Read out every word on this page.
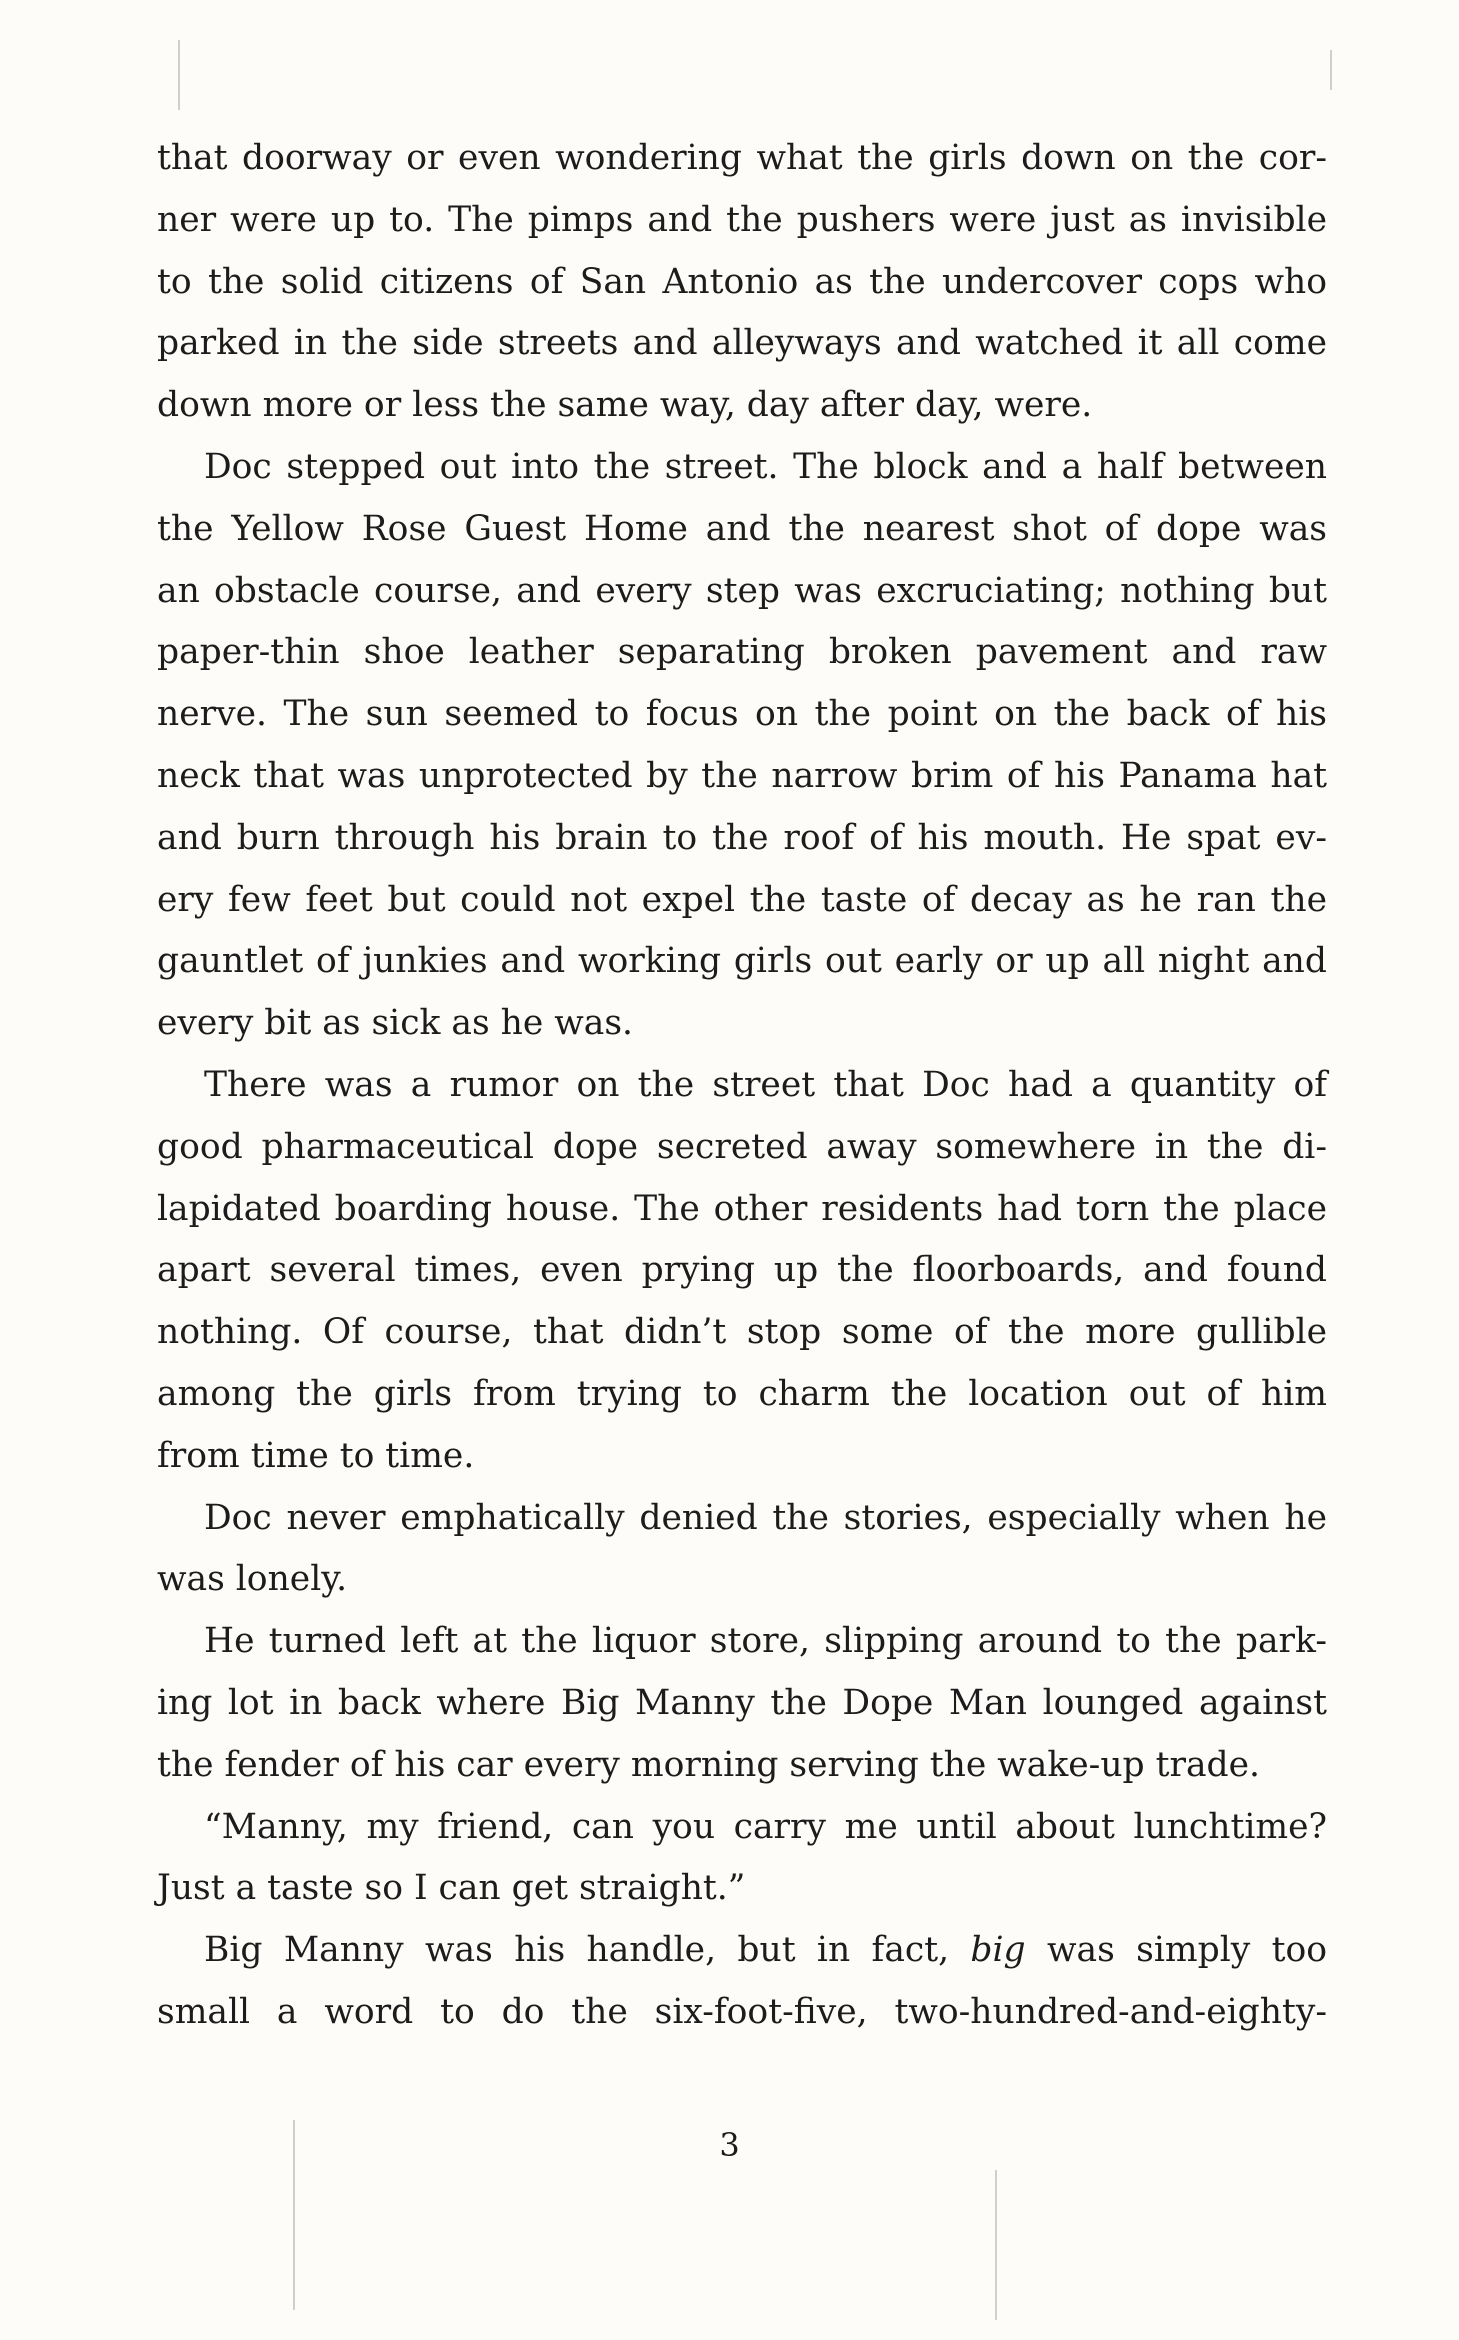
that doorway or even wondering what the girls down on the cor-
ner were up to. The pimps and the pushers were just as invisible
to the solid citizens of San Antonio as the undercover cops who
parked in the side streets and alleyways and watched it all come
down more or less the same way, day after day, were.
Doc stepped out into the street. The block and a half between
the Yellow Rose Guest Home and the nearest shot of dope was
an obstacle course, and every step was excruciating; nothing but
paper-thin shoe leather separating broken pavement and raw
nerve. The sun seemed to focus on the point on the back of his
neck that was unprotected by the narrow brim of his Panama hat
and burn through his brain to the roof of his mouth. He spat ev-
ery few feet but could not expel the taste of decay as he ran the
gauntlet of junkies and working girls out early or up all night and
every bit as sick as he was.
There was a rumor on the street that Doc had a quantity of
good pharmaceutical dope secreted away somewhere in the di-
lapidated boarding house. The other residents had torn the place
apart several times, even prying up the floorboards, and found
nothing. Of course, that didn’t stop some of the more gullible
among the girls from trying to charm the location out of him
from time to time.
Doc never emphatically denied the stories, especially when he
was lonely.
He turned left at the liquor store, slipping around to the park-
ing lot in back where Big Manny the Dope Man lounged against
the fender of his car every morning serving the wake-up trade.
“Manny, my friend, can you carry me until about lunchtime?
Just a taste so I can get straight.”
Big Manny was his handle, but in fact, big was simply too
small a word to do the six-foot-five, two-hundred-and-eighty-
3
